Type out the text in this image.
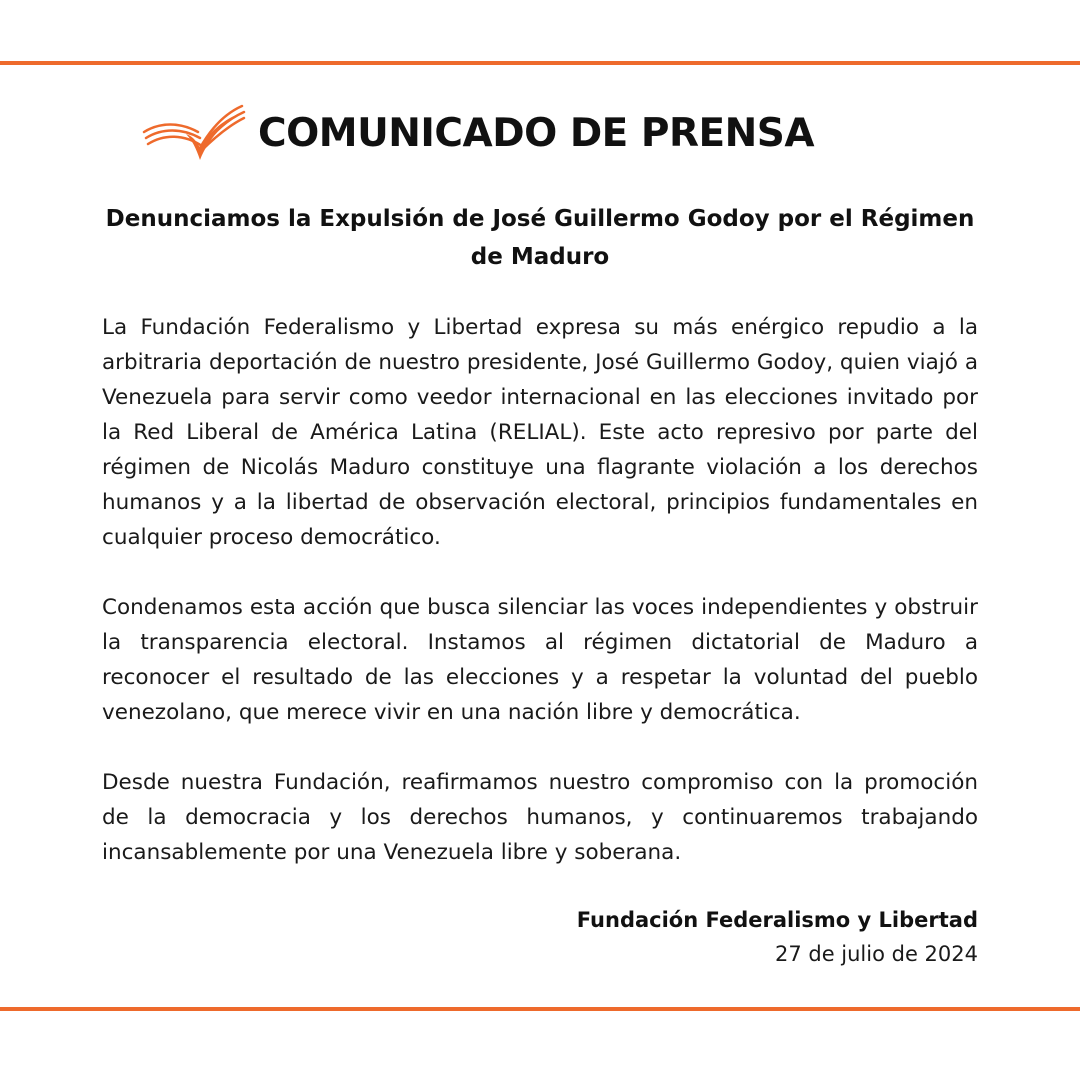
COMUNICADO DE PRENSA
Denunciamos la Expulsión de José Guillermo Godoy por el Régimen de Maduro

La Fundación Federalismo y Libertad expresa su más enérgico repudio a la arbitraria deportación de nuestro presidente, José Guillermo Godoy, quien viajó a Venezuela para servir como veedor internacional en las elecciones invitado por la Red Liberal de América Latina (RELIAL). Este acto represivo por parte del régimen de Nicolás Maduro constituye una flagrante violación a los derechos humanos y a la libertad de observación electoral, principios fundamentales en cualquier proceso democrático.

Condenamos esta acción que busca silenciar las voces independientes y obstruir la transparencia electoral. Instamos al régimen dictatorial de Maduro a reconocer el resultado de las elecciones y a respetar la voluntad del pueblo venezolano, que merece vivir en una nación libre y democrática.

Desde nuestra Fundación, reafirmamos nuestro compromiso con la promoción de la democracia y los derechos humanos, y continuaremos trabajando incansablemente por una Venezuela libre y soberana.

Fundación Federalismo y Libertad
27 de julio de 2024
